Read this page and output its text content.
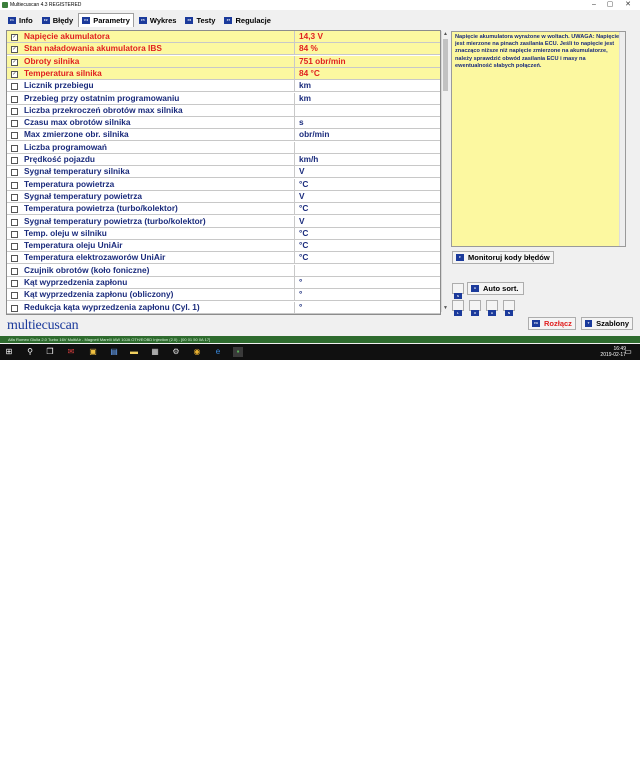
Multiecuscan 4.3 REGISTERED	–	▢	✕
F1 Info	F2 Błędy	F4 Parametry	F5 Wykres	F6 Testy	F7 Regulacje
✓ Napięcie akumulatora	14,3 V
✓ Stan naładowania akumulatora IBS	84 %
✓ Obroty silnika	751 obr/min
✓ Temperatura silnika	84 °C
Licznik przebiegu	km
Przebieg przy ostatnim programowaniu	km
Liczba przekroczeń obrotów max silnika
Czasu max obrotów silnika	s
Max zmierzone obr. silnika	obr/min
Liczba programowań
Prędkość pojazdu	km/h
Sygnał temperatury silnika	V
Temperatura powietrza	°C
Sygnał temperatury powietrza	V
Temperatura powietrza (turbo/kolektor)	°C
Sygnał temperatury powietrza (turbo/kolektor)	V
Temp. oleju w silniku	°C
Temperatura oleju UniAir	°C
Temperatura elektrozaworów UniAir	°C
Czujnik obrotów (koło foniczne)
Kąt wyprzedzenia zapłonu	°
Kąt wyprzedzenia zapłonu (obliczony)	°
Redukcja kąta wyprzedzenia zapłonu (Cyl. 1)	°
▲
▼
Napięcie akumulatora wyrażone w woltach. UWAGA: Napięcie jest mierzone na pinach zasilania ECU. Jeśli to napięcie jest znacząco niższe niż napięcie zmierzone na akumulatorze, należy sprawdzić obwód zasilania ECU i masy na ewentualność słabych połączeń.
F Monitoruj kody błędów
S
A Auto sort.
L	U	A	N
F9 Rozłącz	T Szablony
multiecuscan
Alfa Romeo Giulia 2.0 Turbo 16V MultiAir - Magneti Marelli IAW 10JA OTH/EOBD Injection (2.0) - [00 01 50 0A 17]
⊞ ⚲ ❐ ✉ ▣ ▤ ▬ ▦ ⚙ ◉	e	▪	16:49
2019-02-17
▭
